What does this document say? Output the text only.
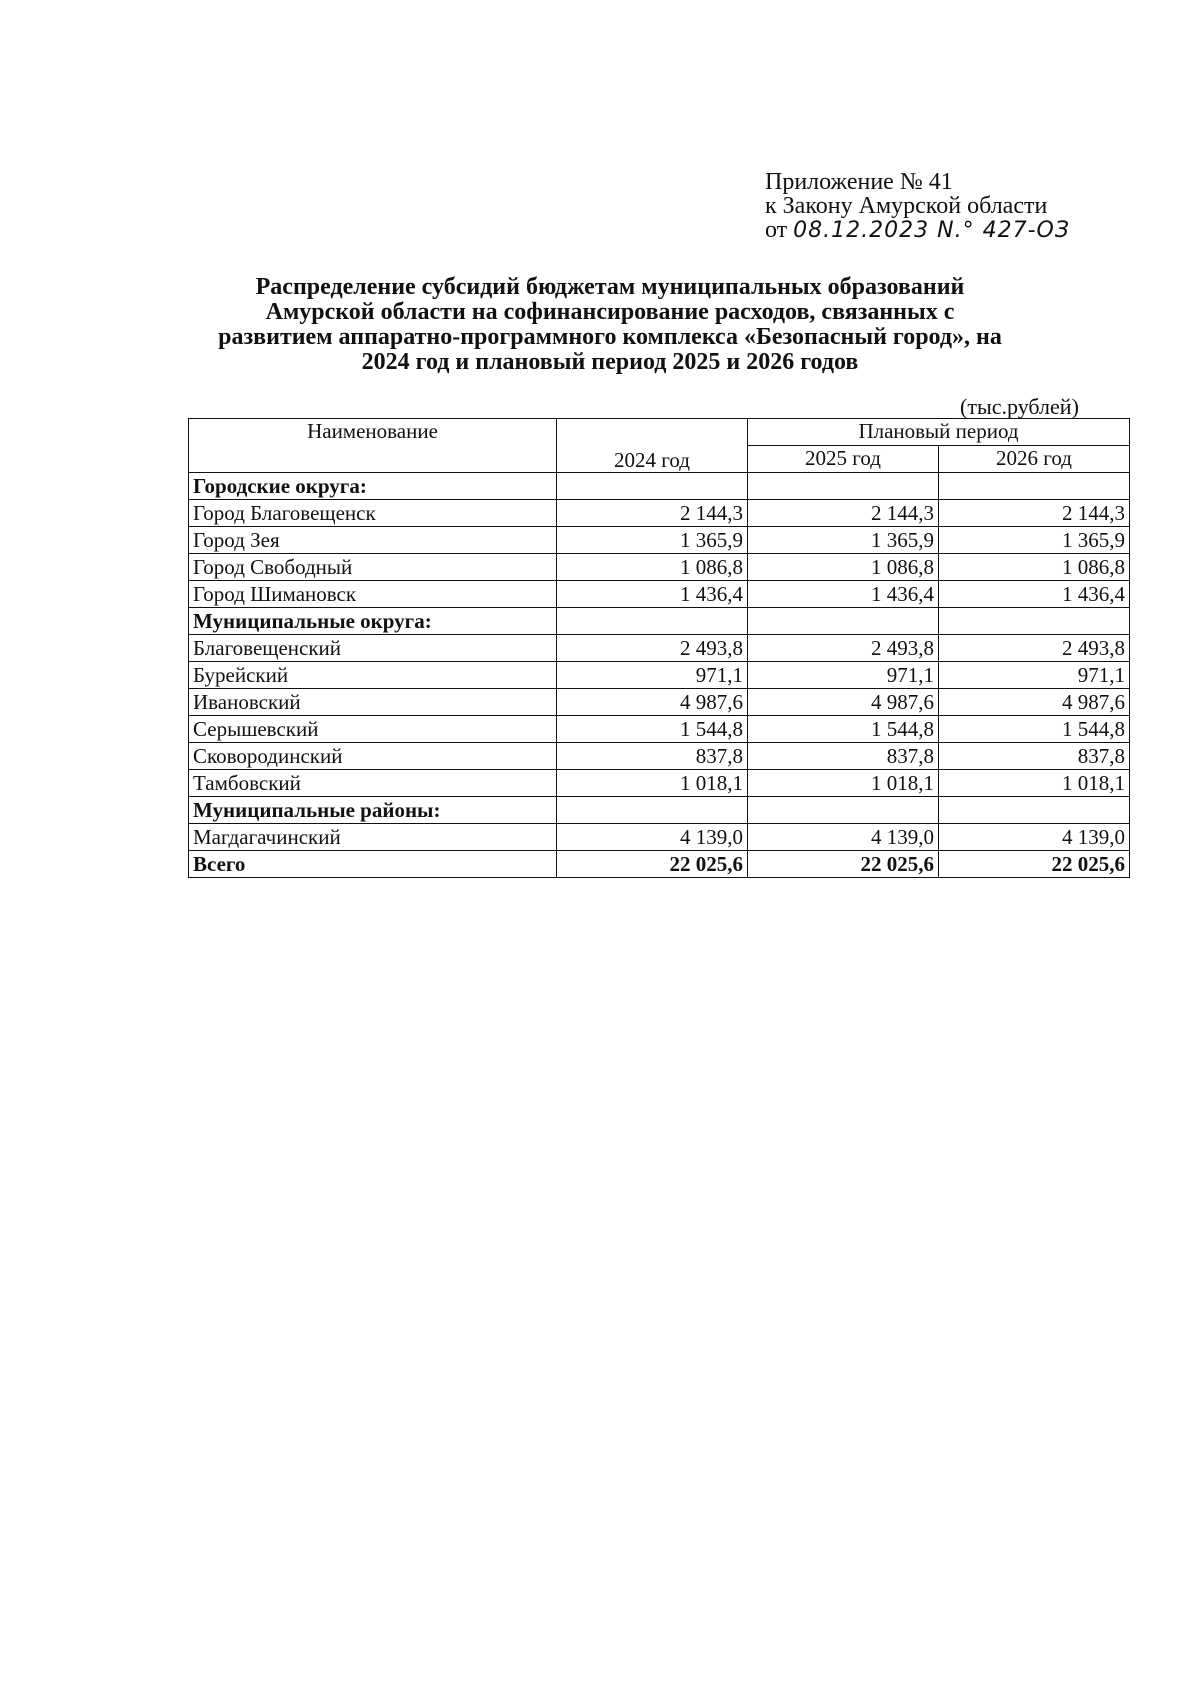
Приложение № 41
к Закону Амурской области
от 08.12.2023 N.° 427-ОЗ
Распределение субсидий бюджетам муниципальных образований
Амурской области на софинансирование расходов, связанных с
развитием аппаратно-программного комплекса «Безопасный город», на
2024 год и плановый период 2025 и 2026 годов
(тыс.рублей)
Наименование	2024 год	Плановый период	
		2025 год	2026 год
Городские округа:			
Город Благовещенск	2 144,3	2 144,3	2 144,3
Город Зея	1 365,9	1 365,9	1 365,9
Город Свободный	1 086,8	1 086,8	1 086,8
Город Шимановск	1 436,4	1 436,4	1 436,4
Муниципальные округа:			
Благовещенский	2 493,8	2 493,8	2 493,8
Бурейский	971,1	971,1	971,1
Ивановский	4 987,6	4 987,6	4 987,6
Серышевский	1 544,8	1 544,8	1 544,8
Сковородинский	837,8	837,8	837,8
Тамбовский	1 018,1	1 018,1	1 018,1
Муниципальные районы:			
Магдагачинский	4 139,0	4 139,0	4 139,0
Всего	22 025,6	22 025,6	22 025,6
